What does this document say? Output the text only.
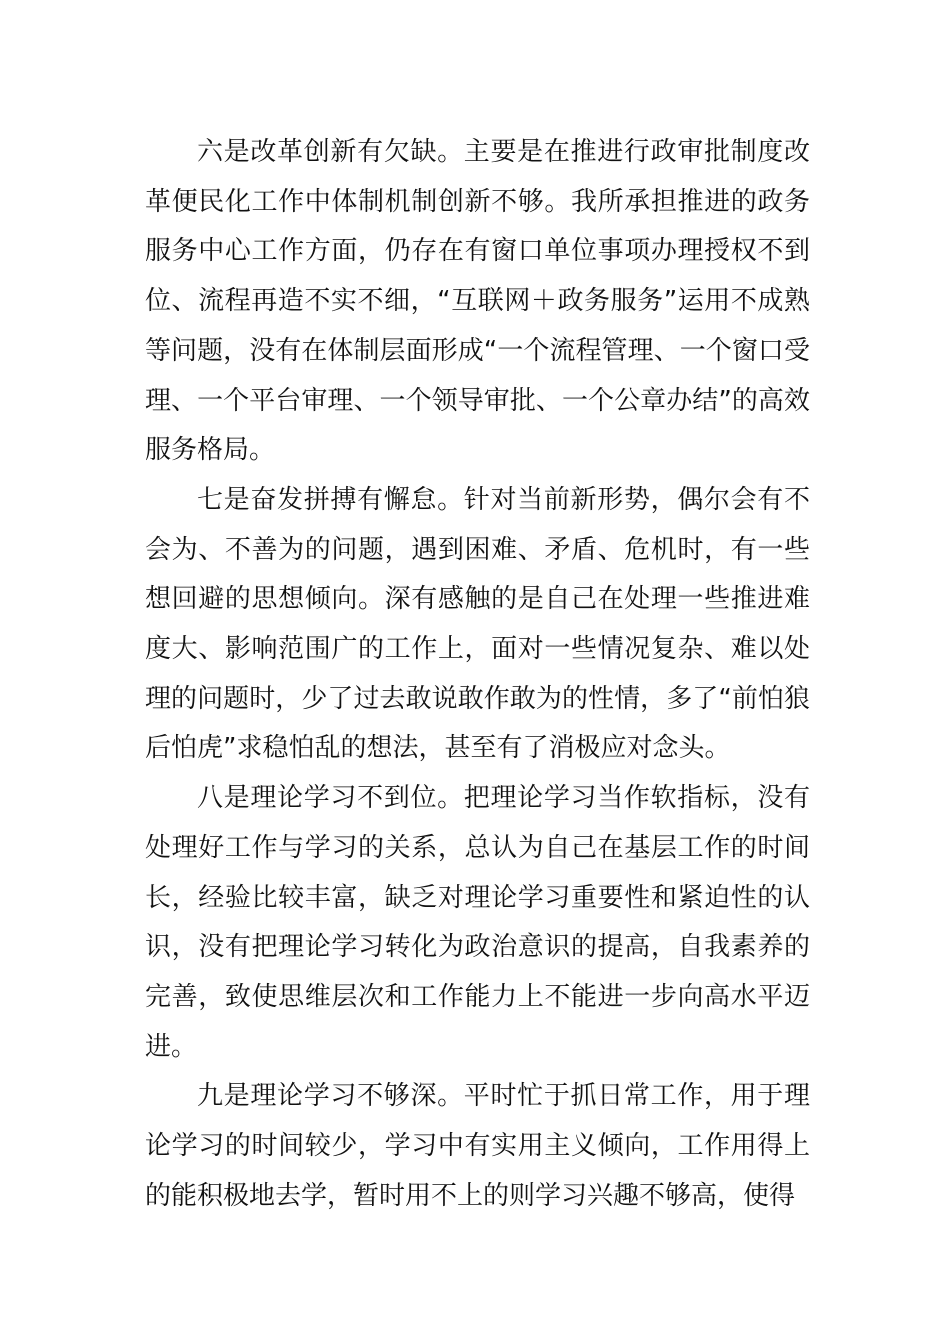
六是改革创新有欠缺。主要是在推进行政审批制度改革便民化工作中体制机制创新不够。我所承担推进的政务服务中心工作方面，仍存在有窗口单位事项办理授权不到位、流程再造不实不细，“互联网＋政务服务”运用不成熟等问题，没有在体制层面形成“一个流程管理、一个窗口受理、一个平台审理、一个领导审批、一个公章办结”的高效服务格局。

七是奋发拼搏有懈怠。针对当前新形势，偶尔会有不会为、不善为的问题，遇到困难、矛盾、危机时，有一些想回避的思想倾向。深有感触的是自己在处理一些推进难度大、影响范围广的工作上，面对一些情况复杂、难以处理的问题时，少了过去敢说敢作敢为的性情，多了“前怕狼后怕虎”求稳怕乱的想法，甚至有了消极应对念头。

八是理论学习不到位。把理论学习当作软指标，没有处理好工作与学习的关系，总认为自己在基层工作的时间长，经验比较丰富，缺乏对理论学习重要性和紧迫性的认识，没有把理论学习转化为政治意识的提高，自我素养的完善，致使思维层次和工作能力上不能进一步向高水平迈进。

九是理论学习不够深。平时忙于抓日常工作，用于理论学习的时间较少，学习中有实用主义倾向，工作用得上的能积极地去学，暂时用不上的则学习兴趣不够高，使得
